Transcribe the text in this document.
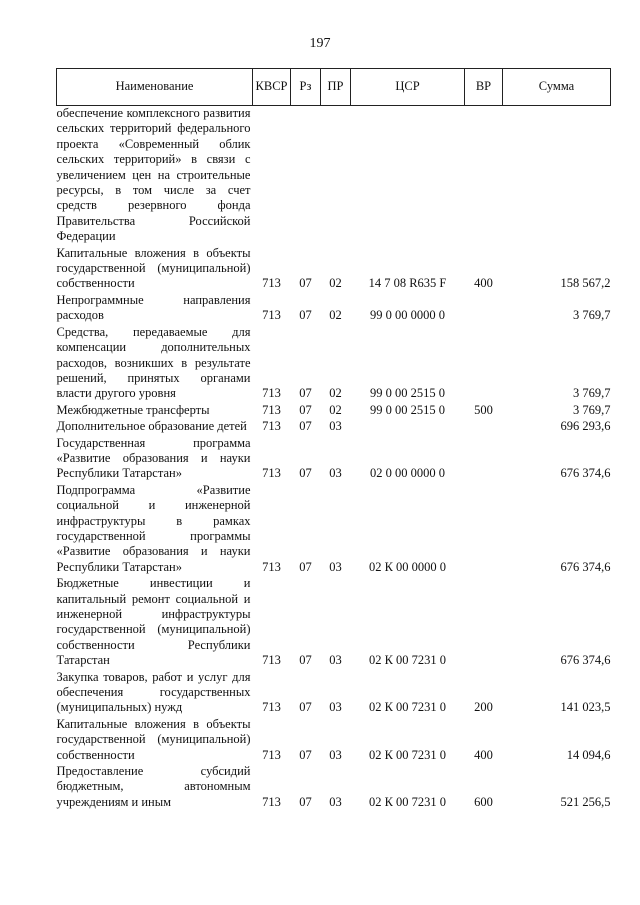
197
Наименование	КВСР	Рз	ПР	ЦСР	ВР	Сумма
обеспечение комплексного развития сельских территорий федерального проекта «Современный облик сельских территорий» в связи с увеличением цен на строительные ресурсы, в том числе за счет средств резервного фонда Правительства Российской Федерации						
Капитальные вложения в объекты государственной (муниципальной) собственности	713	07	02	14 7 08 R635 F	400	158 567,2
Непрограммные направления расходов	713	07	02	99 0 00 0000 0		3 769,7
Средства, передаваемые для компенсации дополнительных расходов, возникших в результате решений, принятых органами власти другого уровня	713	07	02	99 0 00 2515 0		3 769,7
Межбюджетные трансферты	713	07	02	99 0 00 2515 0	500	3 769,7
Дополнительное образование детей	713	07	03			696 293,6
Государственная программа «Развитие образования и науки Республики Татарстан»	713	07	03	02 0 00 0000 0		676 374,6
Подпрограмма «Развитие социальной и инженерной инфраструктуры в рамках государственной программы «Развитие образования и науки Республики Татарстан»	713	07	03	02 К 00 0000 0		676 374,6
Бюджетные инвестиции и капитальный ремонт социальной и инженерной инфраструктуры государственной (муниципальной) собственности Республики Татарстан	713	07	03	02 К 00 7231 0		676 374,6
Закупка товаров, работ и услуг для обеспечения государственных (муниципальных) нужд	713	07	03	02 К 00 7231 0	200	141 023,5
Капитальные вложения в объекты государственной (муниципальной) собственности	713	07	03	02 К 00 7231 0	400	14 094,6
Предоставление субсидий бюджетным, автономным учреждениям и иным	713	07	03	02 К 00 7231 0	600	521 256,5
